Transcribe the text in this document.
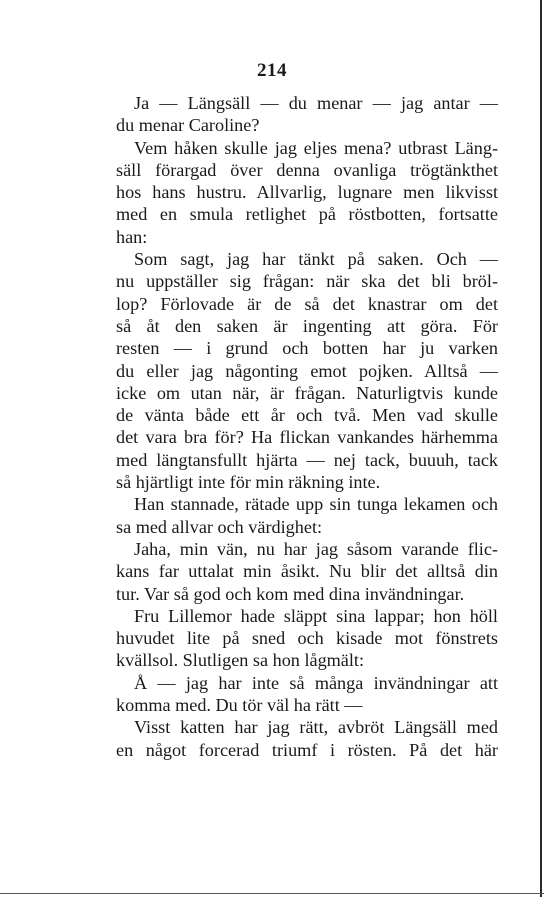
214

Ja — Längsäll — du menar — jag antar —
du menar Caroline?

Vem håken skulle jag eljes mena? utbrast Läng-
säll förargad över denna ovanliga trögtänkthet
hos hans hustru. Allvarlig, lugnare men likvisst
med en smula retlighet på röstbotten, fortsatte
han:

Som sagt, jag har tänkt på saken. Och —
nu uppställer sig frågan: när ska det bli bröl-
lop? Förlovade är de så det knastrar om det
så åt den saken är ingenting att göra. För
resten — i grund och botten har ju varken
du eller jag någonting emot pojken. Alltså —
icke om utan när, är frågan. Naturligtvis kunde
de vänta både ett år och två. Men vad skulle
det vara bra för? Ha flickan vankandes härhemma
med längtansfullt hjärta — nej tack, buuuh, tack
så hjärtligt inte för min räkning inte.

Han stannade, rätade upp sin tunga lekamen och
sa med allvar och värdighet:

Jaha, min vän, nu har jag såsom varande flic-
kans far uttalat min åsikt. Nu blir det alltså din
tur. Var så god och kom med dina invändningar.

Fru Lillemor hade släppt sina lappar; hon höll
huvudet lite på sned och kisade mot fönstrets
kvällsol. Slutligen sa hon lågmält:

Å — jag har inte så många invändningar att
komma med. Du tör väl ha rätt —

Visst katten har jag rätt, avbröt Längsäll med
en något forcerad triumf i rösten. På det här
